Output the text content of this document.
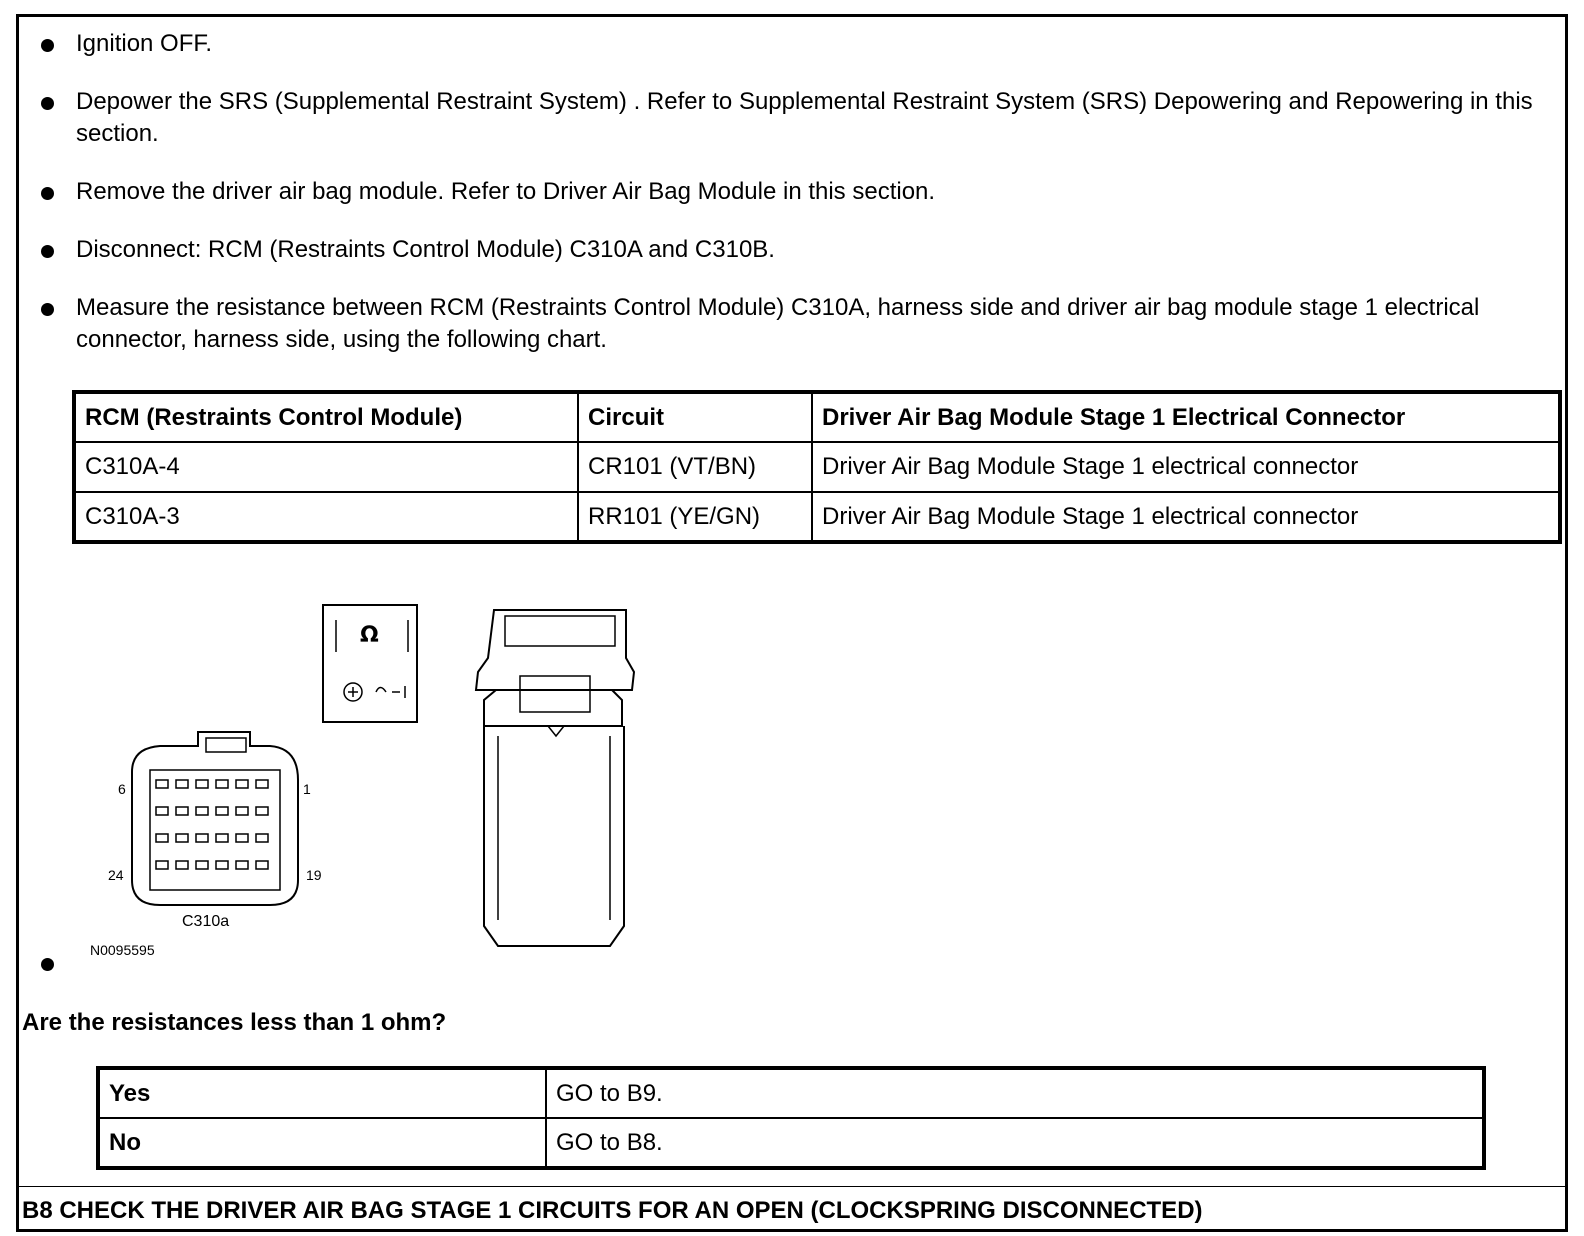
Ignition OFF.
Depower the SRS (Supplemental Restraint System) . Refer to Supplemental Restraint System (SRS) Depowering and Repowering in this section.
Remove the driver air bag module. Refer to Driver Air Bag Module in this section.
Disconnect: RCM (Restraints Control Module) C310A and C310B.
Measure the resistance between RCM (Restraints Control Module) C310A, harness side and driver air bag module stage 1 electrical connector, harness side, using the following chart.
RCM (Restraints Control Module)	Circuit	Driver Air Bag Module Stage 1 Electrical Connector
C310A-4	CR101 (VT/BN)	Driver Air Bag Module Stage 1 electrical connector
C310A-3	RR101 (YE/GN)	Driver Air Bag Module Stage 1 electrical connector
Ω
6	1
24	19
C310a
N0095595
Are the resistances less than 1 ohm?
Yes	GO to B9.
No	GO to B8.
B8 CHECK THE DRIVER AIR BAG STAGE 1 CIRCUITS FOR AN OPEN (CLOCKSPRING DISCONNECTED)
